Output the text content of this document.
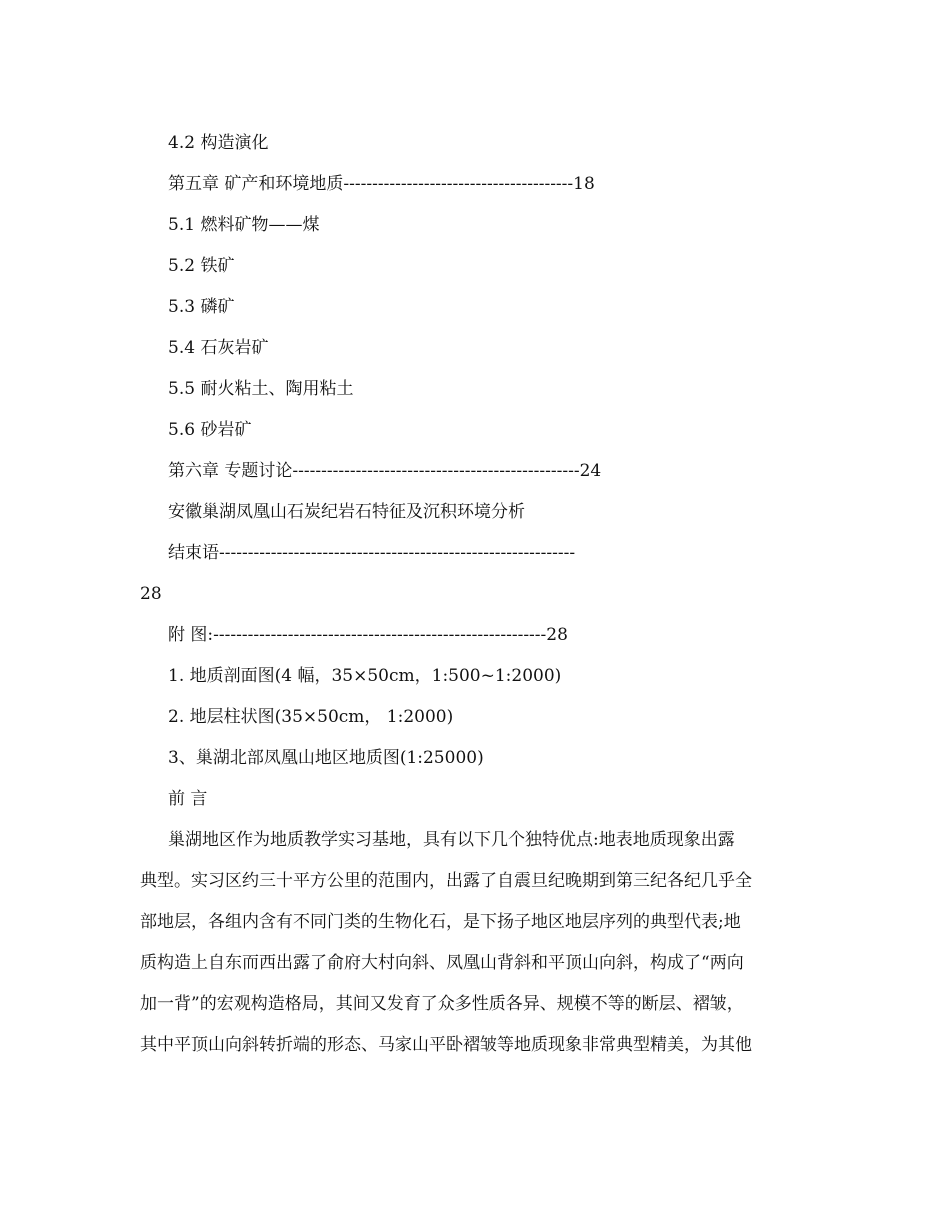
4.2 构造演化
第五章 矿产和环境地质----------------------------------------18
5.1 燃料矿物——煤
5.2 铁矿
5.3 磷矿
5.4 石灰岩矿
5.5 耐火粘土、陶用粘土
5.6 砂岩矿
第六章 专题讨论--------------------------------------------------24
安徽巢湖凤凰山石炭纪岩石特征及沉积环境分析
结束语--------------------------------------------------------------
28
附 图:----------------------------------------------------------28
1. 地质剖面图(4 幅，35×50cm，1:500~1:2000)
2. 地层柱状图(35×50cm， 1:2000)
3、巢湖北部凤凰山地区地质图(1:25000)
前 言
巢湖地区作为地质教学实习基地，具有以下几个独特优点:地表地质现象出露
典型。实习区约三十平方公里的范围内，出露了自震旦纪晚期到第三纪各纪几乎全
部地层，各组内含有不同门类的生物化石，是下扬子地区地层序列的典型代表;地
质构造上自东而西出露了俞府大村向斜、凤凰山背斜和平顶山向斜，构成了“两向
加一背”的宏观构造格局，其间又发育了众多性质各异、规模不等的断层、褶皱，
其中平顶山向斜转折端的形态、马家山平卧褶皱等地质现象非常典型精美，为其他
